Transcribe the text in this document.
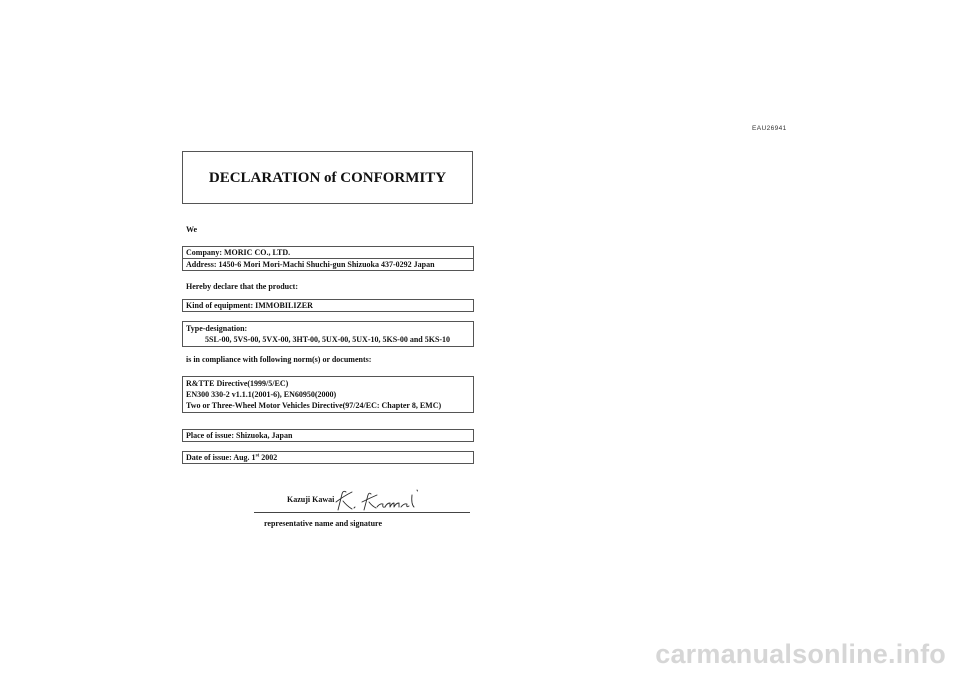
EAU26941
DECLARATION of CONFORMITY
We
Company: MORIC CO., LTD.
Address: 1450-6 Mori Mori-Machi Shuchi-gun Shizuoka 437-0292 Japan
Hereby declare that the product:
Kind of equipment: IMMOBILIZER
Type-designation:
5SL-00, 5VS-00, 5VX-00, 3HT-00, 5UX-00, 5UX-10, 5KS-00 and 5KS-10
is in compliance with following norm(s) or documents:
R&TTE Directive(1999/5/EC)
EN300 330-2 v1.1.1(2001-6), EN60950(2000)
Two or Three-Wheel Motor Vehicles Directive(97/24/EC: Chapter 8, EMC)
Place of issue: Shizuoka, Japan
Date of issue: Aug. 1st 2002
Kazuji Kawai
representative name and signature
carmanualsonline.info
